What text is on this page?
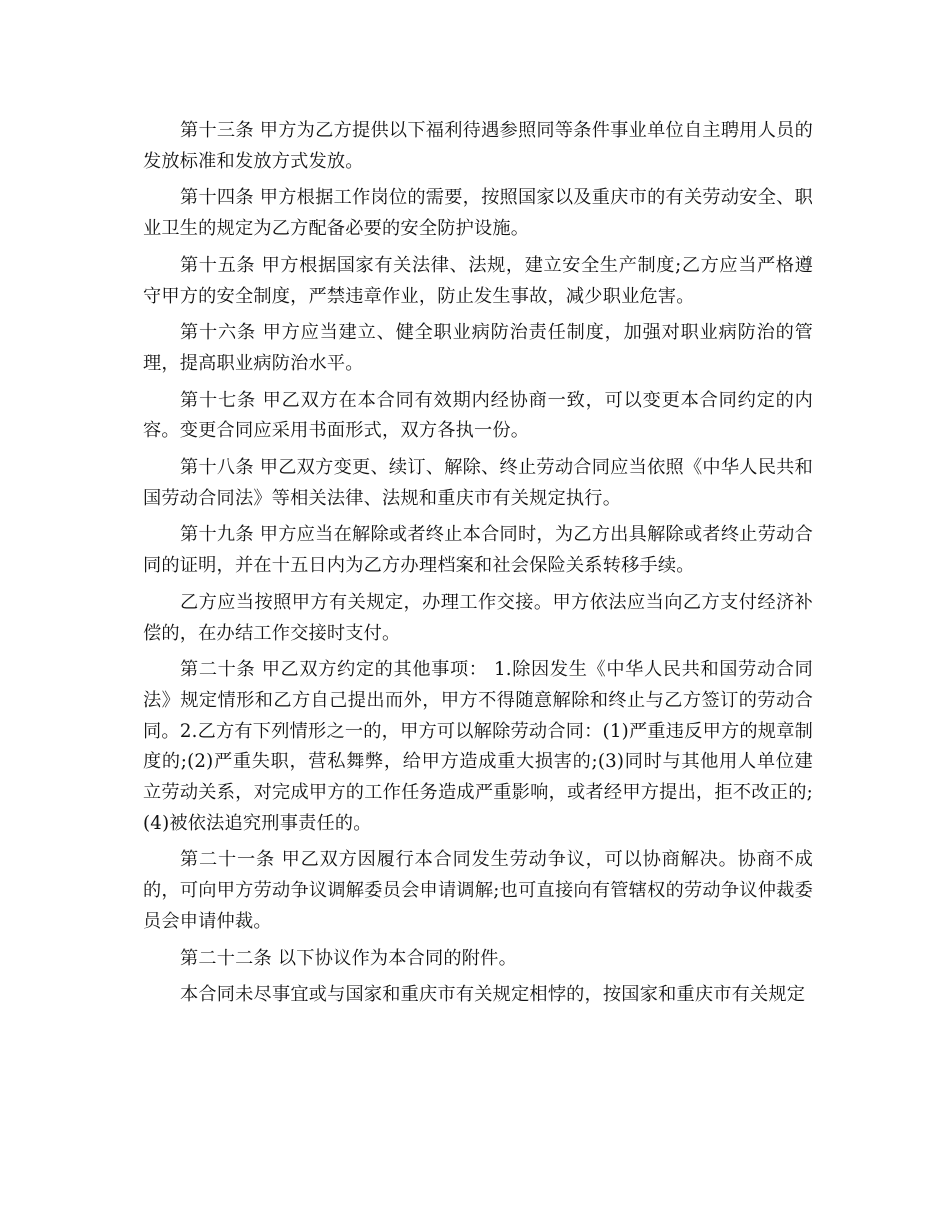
第十三条 甲方为乙方提供以下福利待遇参照同等条件事业单位自主聘用人员的发放标准和发放方式发放。

第十四条 甲方根据工作岗位的需要，按照国家以及重庆市的有关劳动安全、职业卫生的规定为乙方配备必要的安全防护设施。

第十五条 甲方根据国家有关法律、法规，建立安全生产制度;乙方应当严格遵守甲方的安全制度，严禁违章作业，防止发生事故，减少职业危害。

第十六条 甲方应当建立、健全职业病防治责任制度，加强对职业病防治的管理，提高职业病防治水平。

第十七条 甲乙双方在本合同有效期内经协商一致，可以变更本合同约定的内容。变更合同应采用书面形式，双方各执一份。

第十八条 甲乙双方变更、续订、解除、终止劳动合同应当依照《中华人民共和国劳动合同法》等相关法律、法规和重庆市有关规定执行。

第十九条 甲方应当在解除或者终止本合同时，为乙方出具解除或者终止劳动合同的证明，并在十五日内为乙方办理档案和社会保险关系转移手续。

乙方应当按照甲方有关规定，办理工作交接。甲方依法应当向乙方支付经济补偿的，在办结工作交接时支付。

第二十条 甲乙双方约定的其他事项： 1.除因发生《中华人民共和国劳动合同法》规定情形和乙方自己提出而外，甲方不得随意解除和终止与乙方签订的劳动合同。2.乙方有下列情形之一的，甲方可以解除劳动合同：(1)严重违反甲方的规章制度的;(2)严重失职，营私舞弊，给甲方造成重大损害的;(3)同时与其他用人单位建立劳动关系，对完成甲方的工作任务造成严重影响，或者经甲方提出，拒不改正的;(4)被依法追究刑事责任的。

第二十一条 甲乙双方因履行本合同发生劳动争议，可以协商解决。协商不成的，可向甲方劳动争议调解委员会申请调解;也可直接向有管辖权的劳动争议仲裁委员会申请仲裁。

第二十二条 以下协议作为本合同的附件。

本合同未尽事宜或与国家和重庆市有关规定相悖的，按国家和重庆市有关规定
